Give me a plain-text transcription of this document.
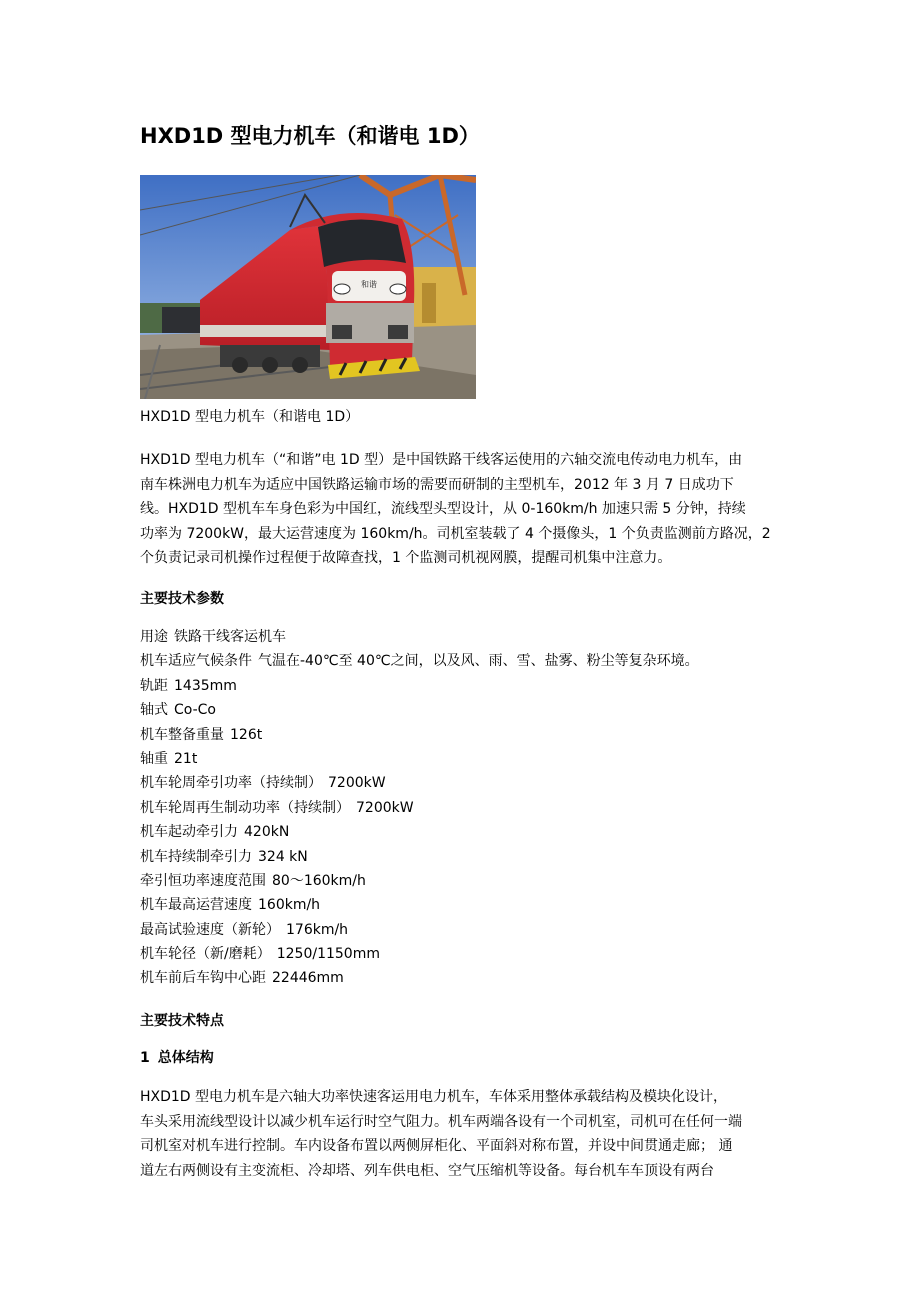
HXD1D 型电力机车（和谐电 1D）
和谐
HXD1D 型电力机车（和谐电 1D）
HXD1D 型电力机车（“和谐”电 1D 型）是中国铁路干线客运使用的六轴交流电传动电力机车，由
南车株洲电力机车为适应中国铁路运输市场的需要而研制的主型机车，2012 年 3 月 7 日成功下
线。HXD1D 型机车车身色彩为中国红，流线型头型设计，从 0-160km/h 加速只需 5 分钟，持续
功率为 7200kW，最大运营速度为 160km/h。司机室装载了 4 个摄像头，1 个负责监测前方路况，2
个负责记录司机操作过程便于故障查找，1 个监测司机视网膜，提醒司机集中注意力。
主要技术参数
用途 铁路干线客运机车
机车适应气候条件 气温在-40℃至 40℃之间，以及风、雨、雪、盐雾、粉尘等复杂环境。
轨距 1435mm
轴式 Co-Co
机车整备重量 126t
轴重 21t
机车轮周牵引功率（持续制） 7200kW
机车轮周再生制动功率（持续制） 7200kW
机车起动牵引力 420kN
机车持续制牵引力 324 kN
牵引恒功率速度范围 80～160km/h
机车最高运营速度 160km/h
最高试验速度（新轮） 176km/h
机车轮径（新/磨耗） 1250/1150mm
机车前后车钩中心距 22446mm
主要技术特点
1 总体结构
HXD1D 型电力机车是六轴大功率快速客运用电力机车，车体采用整体承载结构及模块化设计，
车头采用流线型设计以减少机车运行时空气阻力。机车两端各设有一个司机室，司机可在任何一端
司机室对机车进行控制。车内设备布置以两侧屏柜化、平面斜对称布置，并设中间贯通走廊； 通
道左右两侧设有主变流柜、冷却塔、列车供电柜、空气压缩机等设备。每台机车车顶设有两台
